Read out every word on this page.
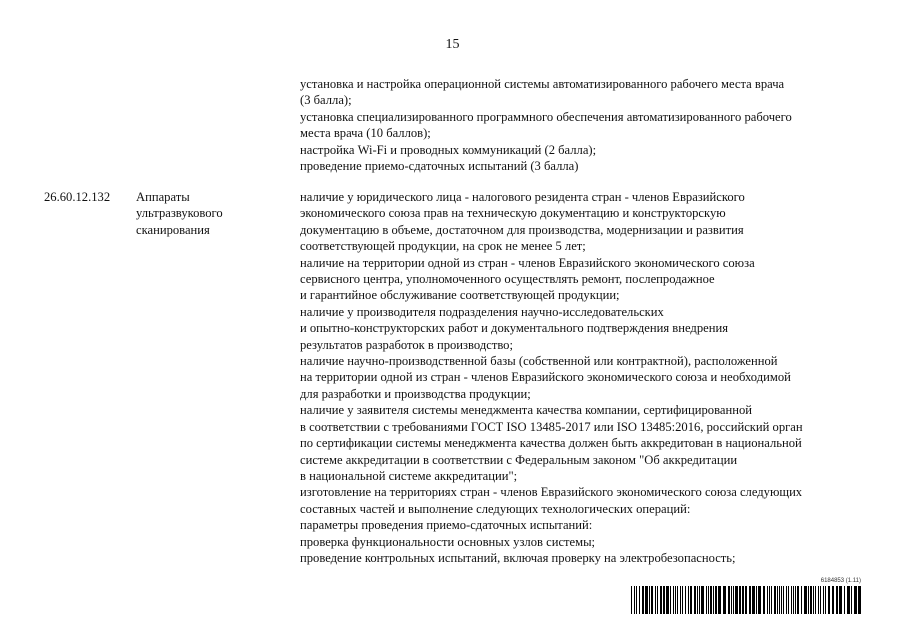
15
установка и настройка операционной системы автоматизированного рабочего места врача
(3 балла);
установка специализированного программного обеспечения автоматизированного рабочего
места врача (10 баллов);
настройка Wi-Fi и проводных коммуникаций (2 балла);
проведение приемо-сдаточных испытаний (3 балла)
26.60.12.132 Аппараты
ультразвукового
сканирования
наличие у юридического лица - налогового резидента стран - членов Евразийского
экономического союза прав на техническую документацию и конструкторскую
документацию в объеме, достаточном для производства, модернизации и развития
соответствующей продукции, на срок не менее 5 лет;
наличие на территории одной из стран - членов Евразийского экономического союза
сервисного центра, уполномоченного осуществлять ремонт, послепродажное
и гарантийное обслуживание соответствующей продукции;
наличие у производителя подразделения научно-исследовательских
и опытно-конструкторских работ и документального подтверждения внедрения
результатов разработок в производство;
наличие научно-производственной базы (собственной или контрактной), расположенной
на территории одной из стран - членов Евразийского экономического союза и необходимой
для разработки и производства продукции;
наличие у заявителя системы менеджмента качества компании, сертифицированной
в соответствии с требованиями ГОСТ ISO 13485-2017 или ISO 13485:2016, российский орган
по сертификации системы менеджмента качества должен быть аккредитован в национальной
системе аккредитации в соответствии с Федеральным законом "Об аккредитации
в национальной системе аккредитации";
изготовление на территориях стран - членов Евразийского экономического союза следующих
составных частей и выполнение следующих технологических операций:
параметры проведения приемо-сдаточных испытаний:
проверка функциональности основных узлов системы;
проведение контрольных испытаний, включая проверку на электробезопасность;
6184853 (1.11)
